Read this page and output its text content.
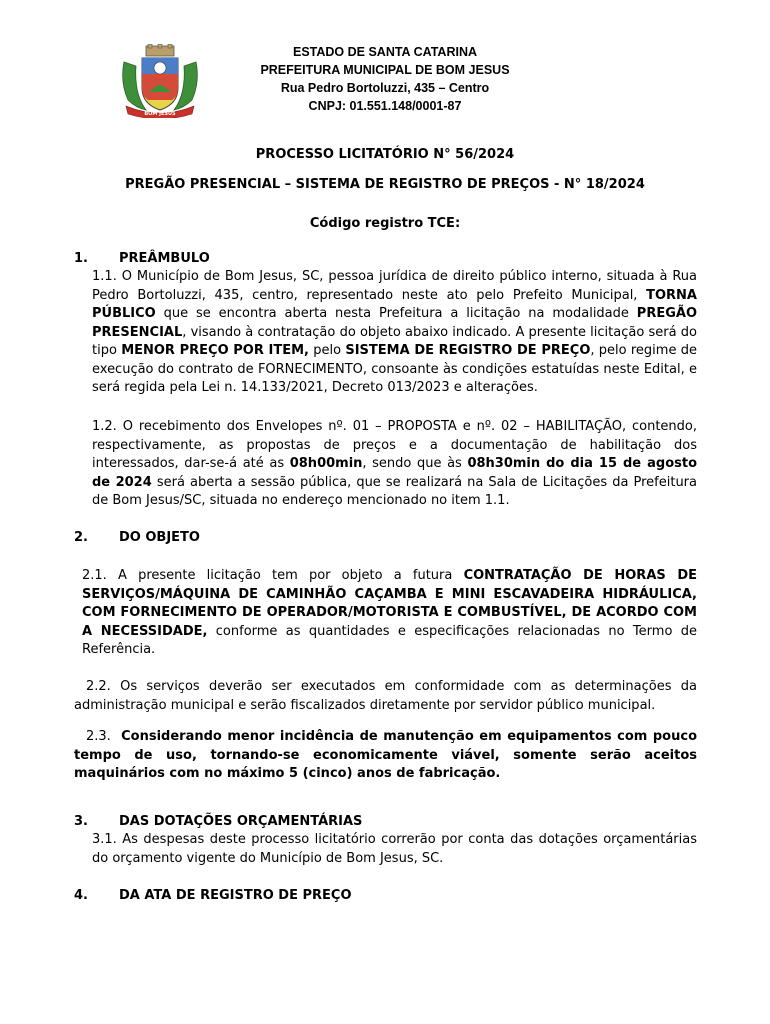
BOM JESUS
ESTADO DE SANTA CATARINA
PREFEITURA MUNICIPAL DE BOM JESUS
Rua Pedro Bortoluzzi, 435 – Centro
CNPJ: 01.551.148/0001-87
PROCESSO LICITATÓRIO N° 56/2024
PREGÃO PRESENCIAL – SISTEMA DE REGISTRO DE PREÇOS - N° 18/2024
Código registro TCE:
1. PREÂMBULO
1.1. O Município de Bom Jesus, SC, pessoa jurídica de direito público interno, situada à Rua Pedro Bortoluzzi, 435, centro, representado neste ato pelo Prefeito Municipal, TORNA PÚBLICO que se encontra aberta nesta Prefeitura a licitação na modalidade PREGÃO PRESENCIAL, visando à contratação do objeto abaixo indicado. A presente licitação será do tipo MENOR PREÇO POR ITEM, pelo SISTEMA DE REGISTRO DE PREÇO, pelo regime de execução do contrato de FORNECIMENTO, consoante às condições estatuídas neste Edital, e será regida pela Lei n. 14.133/2021, Decreto 013/2023 e alterações.
1.2. O recebimento dos Envelopes nº. 01 – PROPOSTA e nº. 02 – HABILITAÇÃO, contendo, respectivamente, as propostas de preços e a documentação de habilitação dos interessados, dar-se-á até as 08h00min, sendo que às 08h30min do dia 15 de agosto de 2024 será aberta a sessão pública, que se realizará na Sala de Licitações da Prefeitura de Bom Jesus/SC, situada no endereço mencionado no item 1.1.
2. DO OBJETO
2.1. A presente licitação tem por objeto a futura CONTRATAÇÃO DE HORAS DE SERVIÇOS/MÁQUINA DE CAMINHÃO CAÇAMBA E MINI ESCAVADEIRA HIDRÁULICA, COM FORNECIMENTO DE OPERADOR/MOTORISTA E COMBUSTÍVEL, DE ACORDO COM A NECESSIDADE, conforme as quantidades e especificações relacionadas no Termo de Referência.
2.2. Os serviços deverão ser executados em conformidade com as determinações da administração municipal e serão fiscalizados diretamente por servidor público municipal.
2.3. Considerando menor incidência de manutenção em equipamentos com pouco tempo de uso, tornando-se economicamente viável, somente serão aceitos maquinários com no máximo 5 (cinco) anos de fabricação.
3. DAS DOTAÇÕES ORÇAMENTÁRIAS
3.1. As despesas deste processo licitatório correrão por conta das dotações orçamentárias do orçamento vigente do Município de Bom Jesus, SC.
4. DA ATA DE REGISTRO DE PREÇO
